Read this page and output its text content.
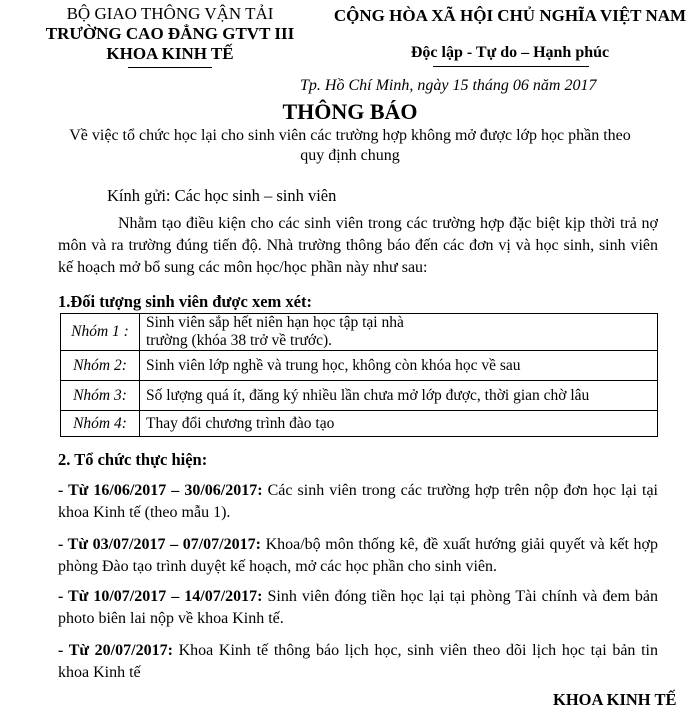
BỘ GIAO THÔNG VẬN TẢI
TRƯỜNG CAO ĐẲNG GTVT III
KHOA KINH TẾ
CỘNG HÒA XÃ HỘI CHỦ NGHĨA VIỆT NAM
Độc lập - Tự do – Hạnh phúc
Tp. Hồ Chí Minh, ngày 15 tháng 06 năm 2017
THÔNG BÁO
Về việc tổ chức học lại cho sinh viên các trường hợp không mở được lớp học phần theo
quy định chung
Kính gửi: Các học sinh – sinh viên
Nhằm tạo điều kiện cho các sinh viên trong các trường hợp đặc biệt kịp thời trả nợ môn và ra trường đúng tiến độ. Nhà trường thông báo đến các đơn vị và học sinh, sinh viên kế hoạch mở bổ sung các môn học/học phần này như sau:
1.Đối tượng sinh viên được xem xét:
Nhóm 1 :	Sinh viên sắp hết niên hạn học tập tại nhà
trường (khóa 38 trở về trước).

Nhóm 2:	Sinh viên lớp nghề và trung học, không còn khóa học về sau
Nhóm 3:	Số lượng quá ít, đăng ký nhiều lần chưa mở lớp được, thời gian chờ lâu
Nhóm 4:	Thay đổi chương trình đào tạo
2. Tổ chức thực hiện:
- Từ 16/06/2017 – 30/06/2017: Các sinh viên trong các trường hợp trên nộp đơn học lại tại khoa Kinh tế (theo mẫu 1).
- Từ 03/07/2017 – 07/07/2017: Khoa/bộ môn thống kê, đề xuất hướng giải quyết và kết hợp phòng Đào tạo trình duyệt kế hoạch, mở các học phần cho sinh viên.
- Từ 10/07/2017 – 14/07/2017: Sinh viên đóng tiền học lại tại phòng Tài chính và đem bản photo biên lai nộp về khoa Kinh tế.
- Từ 20/07/2017: Khoa Kinh tế thông báo lịch học, sinh viên theo dõi lịch học tại bản tin khoa Kinh tế
KHOA KINH TẾ
